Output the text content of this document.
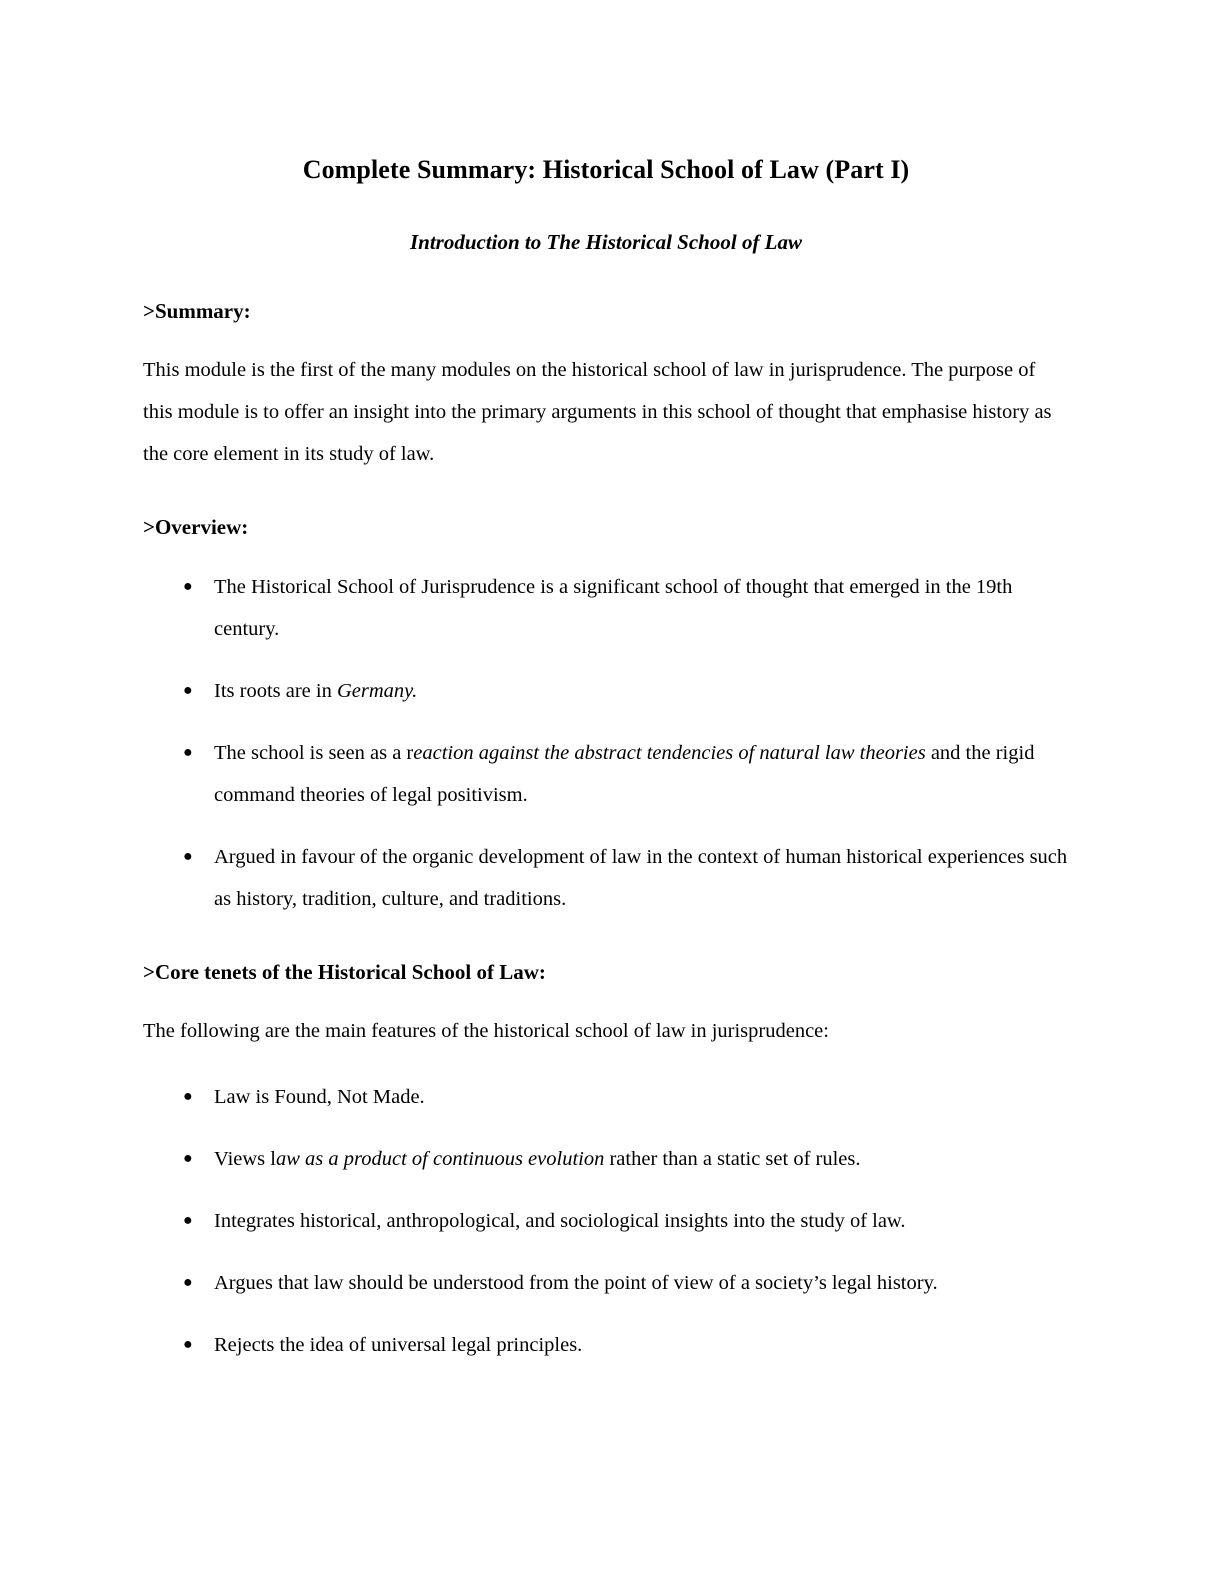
Complete Summary: Historical School of Law (Part I)
Introduction to The Historical School of Law
>Summary:

This module is the first of the many modules on the historical school of law in jurisprudence. The purpose of this module is to offer an insight into the primary arguments in this school of thought that emphasise history as the core element in its study of law.

>Overview:
● The Historical School of Jurisprudence is a significant school of thought that emerged in the 19th century.
● Its roots are in Germany.
● The school is seen as a reaction against the abstract tendencies of natural law theories and the rigid command theories of legal positivism.
● Argued in favour of the organic development of law in the context of human historical experiences such as history, tradition, culture, and traditions.
>Core tenets of the Historical School of Law:

The following are the main features of the historical school of law in jurisprudence:

● Law is Found, Not Made.
● Views law as a product of continuous evolution rather than a static set of rules.
● Integrates historical, anthropological, and sociological insights into the study of law.
● Argues that law should be understood from the point of view of a society’s legal history.
● Rejects the idea of universal legal principles.
